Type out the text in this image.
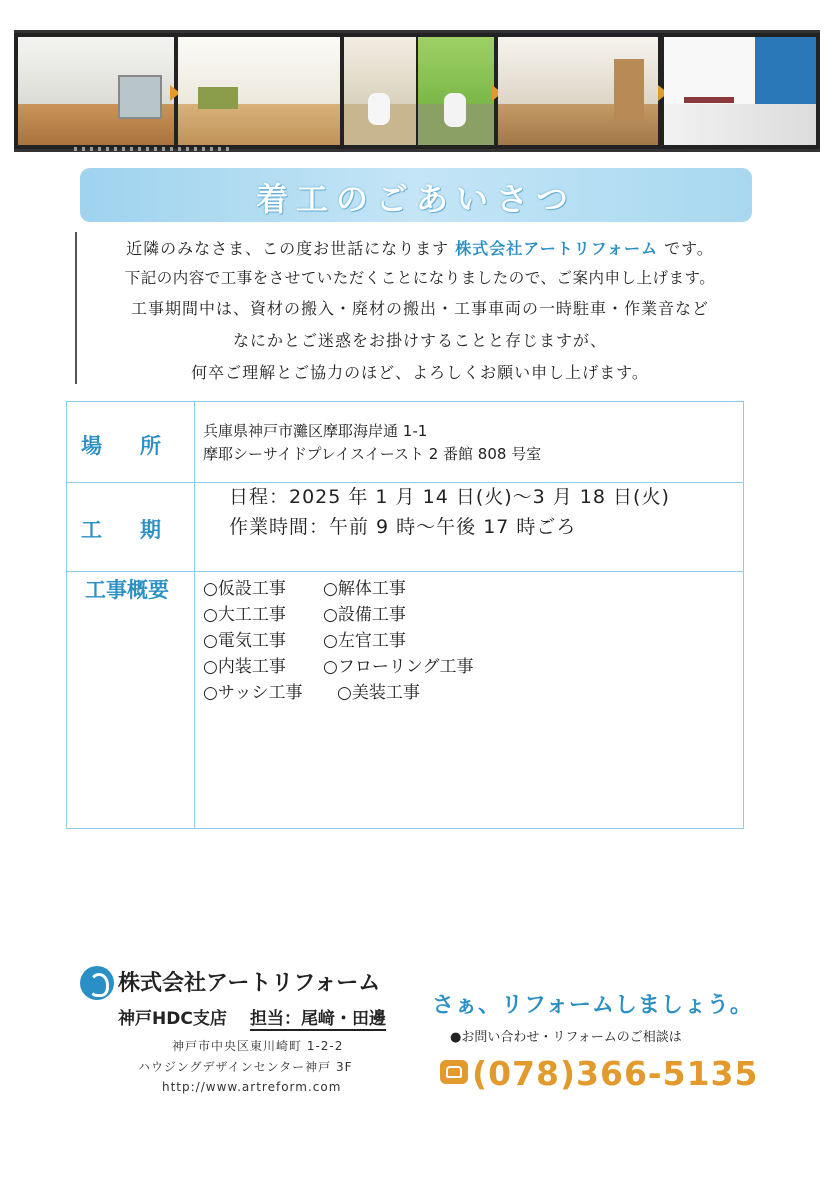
着工のごあいさつ
近隣のみなさま、この度お世話になります 株式会社アートリフォーム です。
下記の内容で工事をさせていただくことになりましたので、ご案内申し上げます。
工事期間中は、資材の搬入・廃材の搬出・工事車両の一時駐車・作業音など
なにかとご迷惑をお掛けすることと存じますが、
何卒ご理解とご協力のほど、よろしくお願い申し上げます。
場所
兵庫県神戸市灘区摩耶海岸通 1-1
摩耶シーサイドプレイスイースト 2 番館 808 号室
工期
日程：2025 年 1 月 14 日(火)～3 月 18 日(火)
作業時間：午前 9 時～午後 17 時ごろ
工事概要 ○仮設工事 ○解体工事
○大工工事 ○設備工事
○電気工事 ○左官工事
○内装工事 ○フローリング工事
○サッシ工事 ○美装工事
株式会社アートリフォーム
神戸HDC支店 担当：尾﨑・田邊
神戸市中央区東川崎町 1-2-2
ハウジングデザインセンター神戸 3F
http://www.artreform.com
さぁ、リフォームしましょう。
●お問い合わせ・リフォームのご相談は
(078)366-5135
